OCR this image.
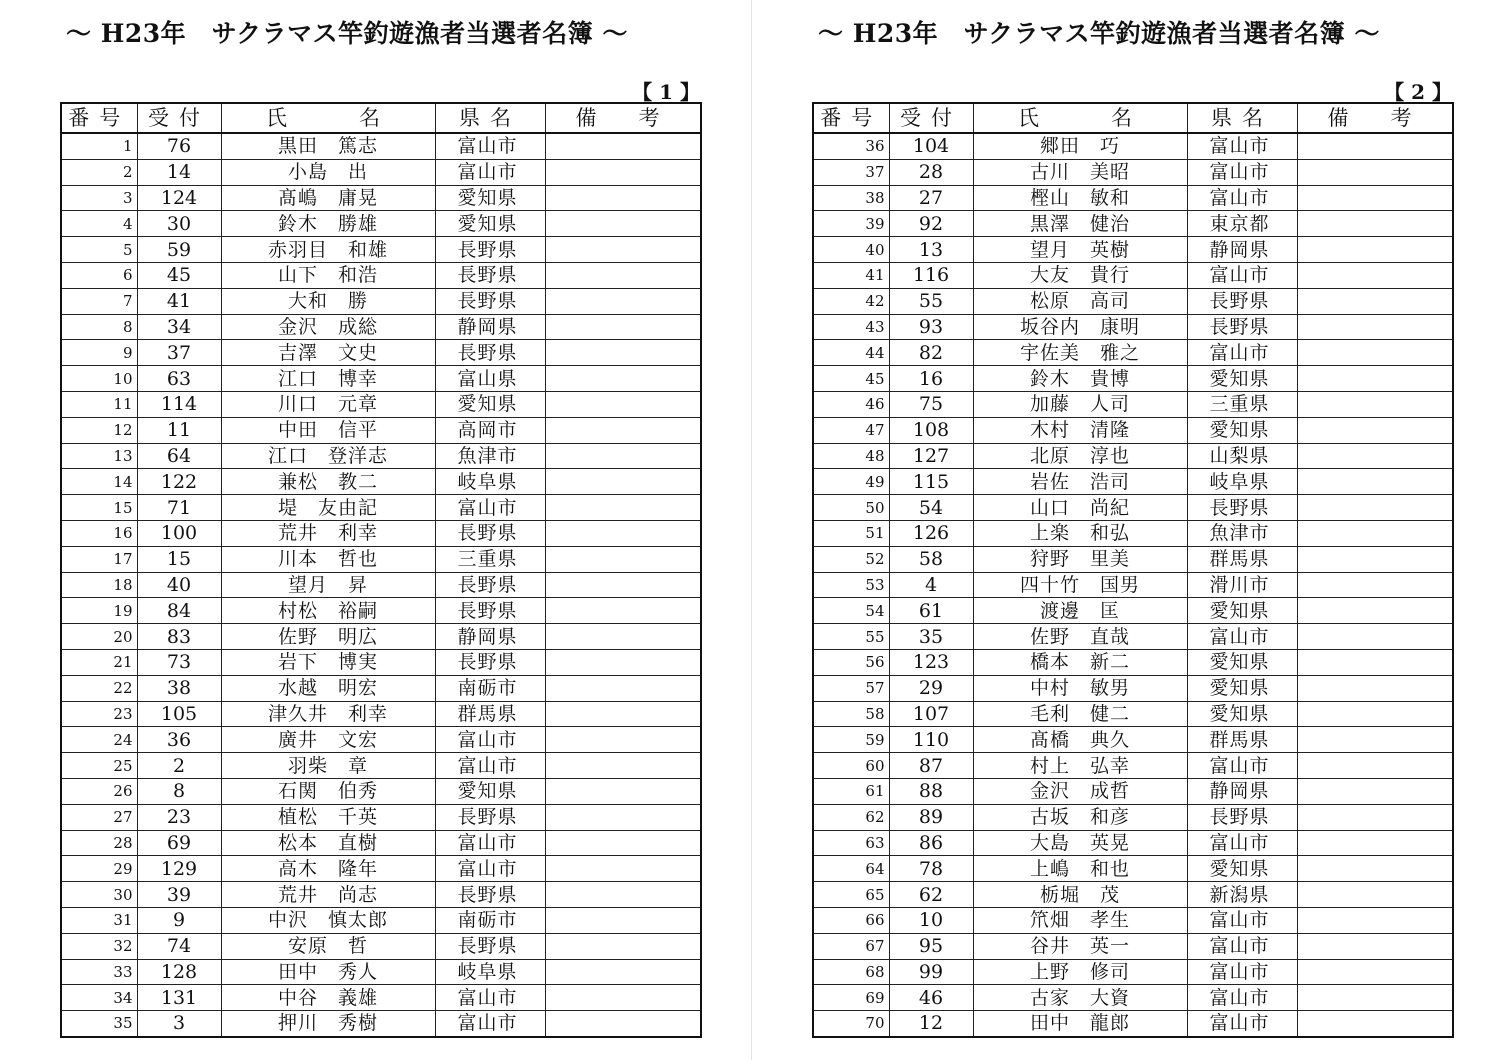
～ H23年　サクラマス竿釣遊漁者当選者名簿 ～
【 1 】
番号	受付	氏　　名	県名	備　　考
1	76	黒田　篤志	富山市	
2	14	小島　出	富山市	
3	124	髙嶋　庸晃	愛知県	
4	30	鈴木　勝雄	愛知県	
5	59	赤羽目　和雄	長野県	
6	45	山下　和浩	長野県	
7	41	大和　勝	長野県	
8	34	金沢　成総	静岡県	
9	37	吉澤　文史	長野県	
10	63	江口　博幸	富山県	
11	114	川口　元章	愛知県	
12	11	中田　信平	高岡市	
13	64	江口　登洋志	魚津市	
14	122	兼松　教二	岐阜県	
15	71	堤　友由記	富山市	
16	100	荒井　利幸	長野県	
17	15	川本　哲也	三重県	
18	40	望月　昇	長野県	
19	84	村松　裕嗣	長野県	
20	83	佐野　明広	静岡県	
21	73	岩下　博実	長野県	
22	38	水越　明宏	南砺市	
23	105	津久井　利幸	群馬県	
24	36	廣井　文宏	富山市	
25	2	羽柴　章	富山市	
26	8	石関　伯秀	愛知県	
27	23	植松　千英	長野県	
28	69	松本　直樹	富山市	
29	129	高木　隆年	富山市	
30	39	荒井　尚志	長野県	
31	9	中沢　慎太郎	南砺市	
32	74	安原　哲	長野県	
33	128	田中　秀人	岐阜県	
34	131	中谷　義雄	富山市	
35	3	押川　秀樹	富山市	
～ H23年　サクラマス竿釣遊漁者当選者名簿 ～
【 2 】
番号	受付	氏　　名	県名	備　　考
36	104	郷田　巧	富山市	
37	28	古川　美昭	富山市	
38	27	樫山　敏和	富山市	
39	92	黒澤　健治	東京都	
40	13	望月　英樹	静岡県	
41	116	大友　貴行	富山市	
42	55	松原　高司	長野県	
43	93	坂谷内　康明	長野県	
44	82	宇佐美　雅之	富山市	
45	16	鈴木　貴博	愛知県	
46	75	加藤　人司	三重県	
47	108	木村　清隆	愛知県	
48	127	北原　淳也	山梨県	
49	115	岩佐　浩司	岐阜県	
50	54	山口　尚紀	長野県	
51	126	上楽　和弘	魚津市	
52	58	狩野　里美	群馬県	
53	4	四十竹　国男	滑川市	
54	61	渡邊　匡	愛知県	
55	35	佐野　直哉	富山市	
56	123	橋本　新二	愛知県	
57	29	中村　敏男	愛知県	
58	107	毛利　健二	愛知県	
59	110	髙橋　典久	群馬県	
60	87	村上　弘幸	富山市	
61	88	金沢　成哲	静岡県	
62	89	古坂　和彦	長野県	
63	86	大島　英晃	富山市	
64	78	上嶋　和也	愛知県	
65	62	栃堀　茂	新潟県	
66	10	笊畑　孝生	富山市	
67	95	谷井　英一	富山市	
68	99	上野　修司	富山市	
69	46	古家　大資	富山市	
70	12	田中　龍郎	富山市	
